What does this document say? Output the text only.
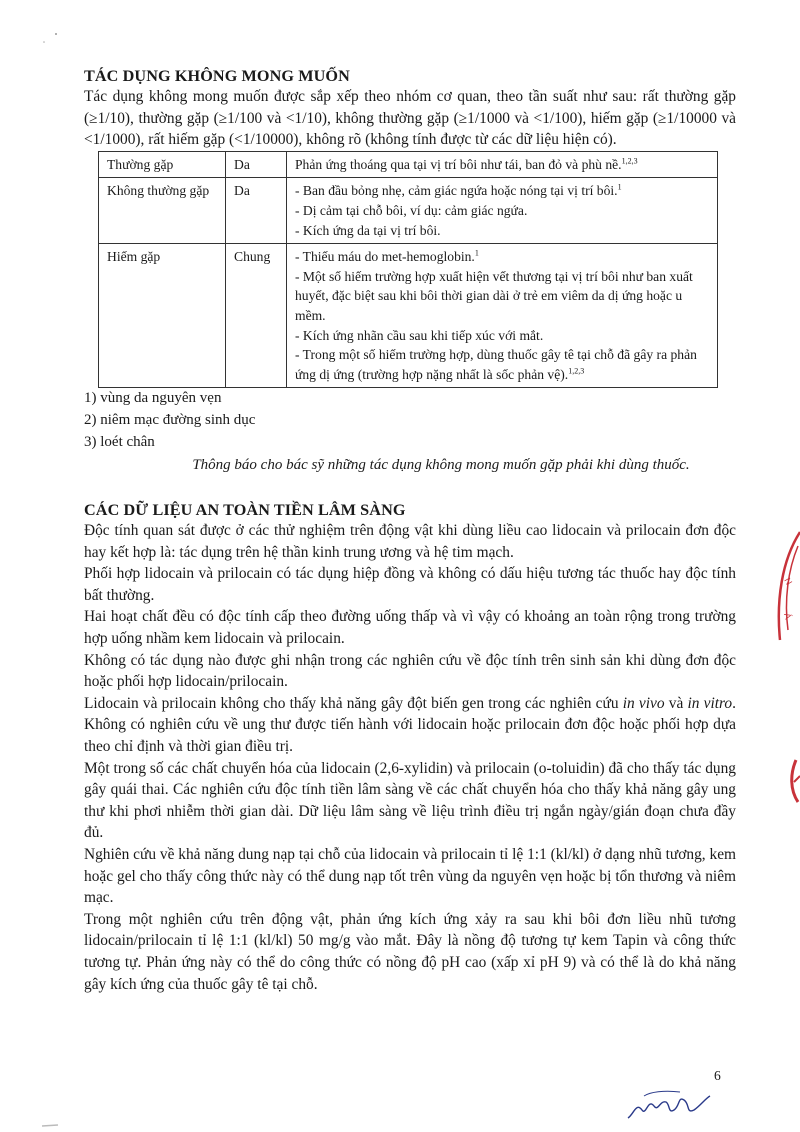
TÁC DỤNG KHÔNG MONG MUỐN

Tác dụng không mong muốn được sắp xếp theo nhóm cơ quan, theo tần suất như sau: rất thường gặp (≥1/10), thường gặp (≥1/100 và <1/10), không thường gặp (≥1/1000 và <1/100), hiếm gặp (≥1/10000 và <1/1000), rất hiếm gặp (<1/10000), không rõ (không tính được từ các dữ liệu hiện có).

Thường gặp	Da	Phản ứng thoáng qua tại vị trí bôi như tái, ban đỏ và phù nề.$^{1,2,3}$

Không thường gặp	Da	- Ban đầu bỏng nhẹ, cảm giác ngứa hoặc nóng tại vị trí bôi.$^1$
- Dị cảm tại chỗ bôi, ví dụ: cảm giác ngứa.
- Kích ứng da tại vị trí bôi.

Hiếm gặp	Chung	- Thiếu máu do met-hemoglobin.$^1$
- Một số hiếm trường hợp xuất hiện vết thương tại vị trí bôi như ban xuất huyết, đặc biệt sau khi bôi thời gian dài ở trẻ em viêm da dị ứng hoặc u mềm.
- Kích ứng nhãn cầu sau khi tiếp xúc với mắt.
- Trong một số hiếm trường hợp, dùng thuốc gây tê tại chỗ đã gây ra phản ứng dị ứng (trường hợp nặng nhất là sốc phản vệ).$^{1,2,3}$
1) vùng da nguyên vẹn
2) niêm mạc đường sinh dục
3) loét chân
Thông báo cho bác sỹ những tác dụng không mong muốn gặp phải khi dùng thuốc.
CÁC DỮ LIỆU AN TOÀN TIỀN LÂM SÀNG

Độc tính quan sát được ở các thử nghiệm trên động vật khi dùng liều cao lidocain và prilocain đơn độc hay kết hợp là: tác dụng trên hệ thần kinh trung ương và hệ tim mạch.

Phối hợp lidocain và prilocain có tác dụng hiệp đồng và không có dấu hiệu tương tác thuốc hay độc tính bất thường.

Hai hoạt chất đều có độc tính cấp theo đường uống thấp và vì vậy có khoảng an toàn rộng trong trường hợp uống nhầm kem lidocain và prilocain.

Không có tác dụng nào được ghi nhận trong các nghiên cứu về độc tính trên sinh sản khi dùng đơn độc hoặc phối hợp lidocain/prilocain.

Lidocain và prilocain không cho thấy khả năng gây đột biến gen trong các nghiên cứu in vivo và in vitro. Không có nghiên cứu về ung thư được tiến hành với lidocain hoặc prilocain đơn độc hoặc phối hợp dựa theo chỉ định và thời gian điều trị.

Một trong số các chất chuyển hóa của lidocain (2,6-xylidin) và prilocain (o-toluidin) đã cho thấy tác dụng gây quái thai. Các nghiên cứu độc tính tiền lâm sàng về các chất chuyển hóa cho thấy khả năng gây ung thư khi phơi nhiễm thời gian dài. Dữ liệu lâm sàng về liệu trình điều trị ngắn ngày/gián đoạn chưa đầy đủ.

Nghiên cứu về khả năng dung nạp tại chỗ của lidocain và prilocain tỉ lệ 1:1 (kl/kl) ở dạng nhũ tương, kem hoặc gel cho thấy công thức này có thể dung nạp tốt trên vùng da nguyên vẹn hoặc bị tổn thương và niêm mạc.

Trong một nghiên cứu trên động vật, phản ứng kích ứng xảy ra sau khi bôi đơn liều nhũ tương lidocain/prilocain tỉ lệ 1:1 (kl/kl) 50 mg/g vào mắt. Đây là nồng độ tương tự kem Tapin và công thức tương tự. Phản ứng này có thể do công thức có nồng độ pH cao (xấp xỉ pH 9) và có thể là do khả năng gây kích ứng của thuốc gây tê tại chỗ.

6
N
Á
